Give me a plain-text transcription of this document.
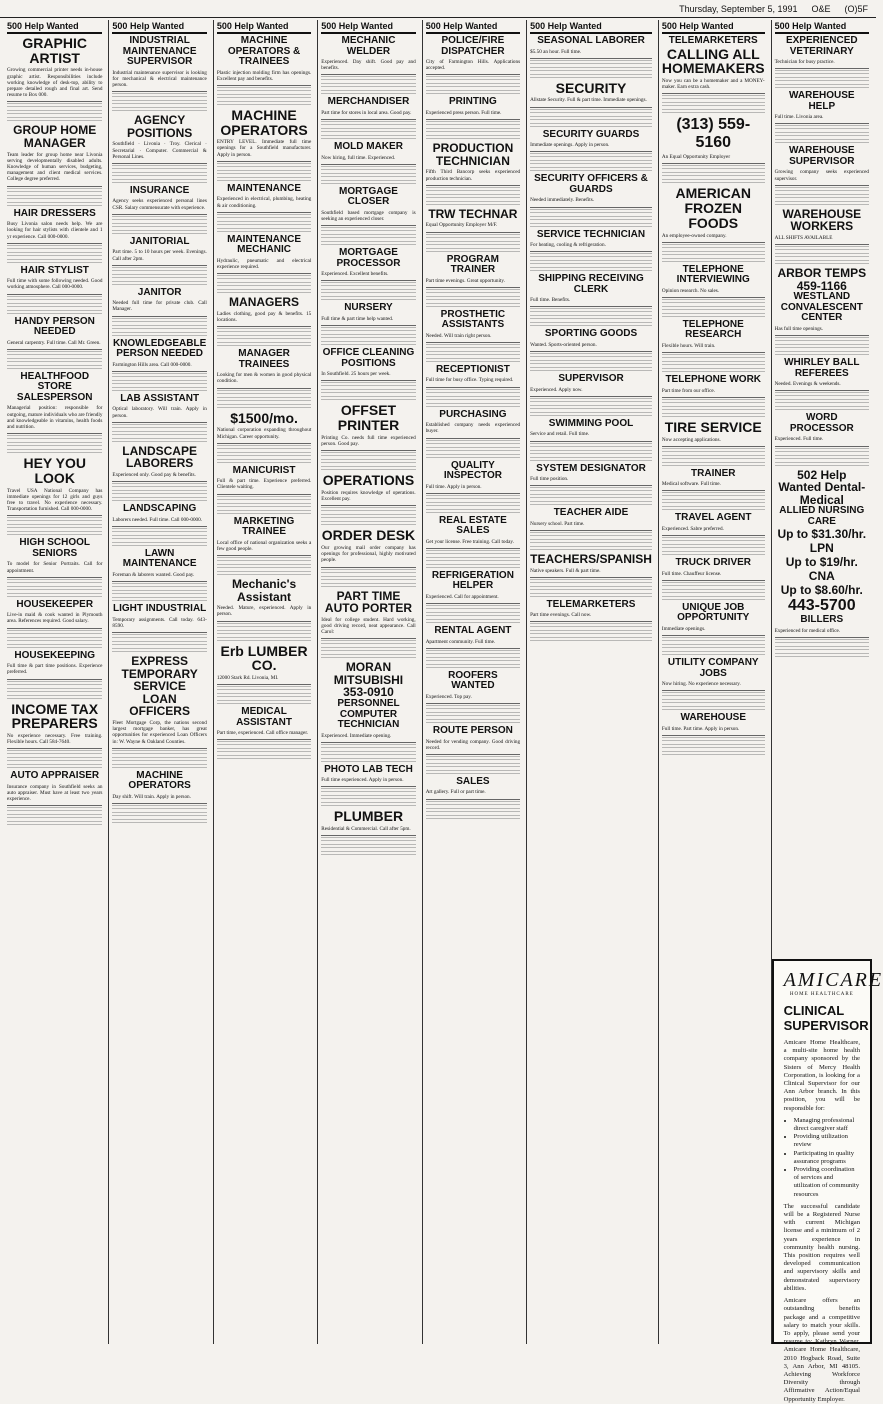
Thursday, September 5, 1991 O&E (O)5F
500 Help Wanted
GRAPHIC ARTIST

Growing commercial printer needs in-house graphic artist. Responsibilities include working knowledge of desk-top, ability to prepare detailed rough and final art. Send resume to Box 000.

GROUP HOME MANAGER

Team leader for group home near Livonia serving developmentally disabled adults. Knowledge of human services, budgeting, management and client medical services. College degree preferred.

HAIR DRESSERS

Busy Livonia salon needs help. We are looking for hair stylists with clientele and 1 yr experience. Call 000-0000.

HAIR STYLIST

Full time with some following needed. Good working atmosphere. Call 000-0000.

HANDY PERSON NEEDED

General carpentry. Full time. Call Mr. Green.

HEALTHFOOD STORE SALESPERSON

Managerial position: responsible for outgoing, mature individuals who are friendly and knowledgeable in vitamins, health foods and nutrition.

HEY YOU LOOK

Travel USA National Company has immediate openings for 12 girls and guys free to travel. No experience necessary. Transportation furnished. Call 000-0000.

HIGH SCHOOL SENIORS

To model for Senior Portraits. Call for appointment.

HOUSEKEEPER

Live-in maid & cook wanted in Plymouth area. References required. Good salary.

HOUSEKEEPING

Full time & part time positions. Experience preferred.

INCOME TAX PREPARERS

No experience necessary. Free training. Flexible hours. Call 584-7640.

AUTO APPRAISER

Insurance company in Southfield seeks an auto appraiser. Must have at least two years experience.

500 Help Wanted
INDUSTRIAL MAINTENANCE SUPERVISOR

Industrial maintenance supervisor is looking for mechanical & electrical maintenance person.

AGENCY POSITIONS

Southfield · Livonia · Troy. Clerical · Secretarial · Computer. Commercial & Personal Lines.

INSURANCE

Agency seeks experienced personal lines CSR. Salary commensurate with experience.

JANITORIAL

Part time. 5 to 10 hours per week. Evenings. Call after 2pm.

JANITOR

Needed full time for private club. Call Manager.

KNOWLEDGEABLE PERSON NEEDED

Farmington Hills area. Call 000-0000.

LAB ASSISTANT

Optical laboratory. Will train. Apply in person.

LANDSCAPE LABORERS

Experienced only. Good pay & benefits.

LANDSCAPING

Laborers needed. Full time. Call 000-0000.

LAWN MAINTENANCE

Foreman & laborers wanted. Good pay.

LIGHT INDUSTRIAL

Temporary assignments. Call today. 643-8590.

EXPRESS TEMPORARY SERVICE
LOAN OFFICERS

Fleet Mortgage Corp, the nations second largest mortgage banker, has great opportunities for experienced Loan Officers in: W. Wayne & Oakland Counties.

MACHINE OPERATORS

Day shift. Will train. Apply in person.

500 Help Wanted
MACHINE OPERATORS & TRAINEES

Plastic injection molding firm has openings. Excellent pay and benefits.

MACHINE OPERATORS

ENTRY LEVEL. Immediate full time openings for a Southfield manufacturer. Apply in person.

MAINTENANCE

Experienced in electrical, plumbing, heating & air conditioning.

MAINTENANCE MECHANIC

Hydraulic, pneumatic and electrical experience required.

MANAGERS

Ladies clothing, good pay & benefits. 15 locations.

MANAGER TRAINEES

Looking for men & women in good physical condition.

$1500/mo.

National corporation expanding throughout Michigan. Career opportunity.

MANICURIST

Full & part time. Experience preferred. Clientele waiting.

MARKETING TRAINEE

Local office of national organization seeks a few good people.

Mechanic's Assistant

Needed. Mature, experienced. Apply in person.

Erb LUMBER CO.

12000 Stark Rd. Livonia, MI.

MEDICAL ASSISTANT

Part time, experienced. Call office manager.

500 Help Wanted
MECHANIC WELDER

Experienced. Day shift. Good pay and benefits.

MERCHANDISER

Part time for stores in local area. Good pay.

MOLD MAKER

Now hiring, full time. Experienced.

MORTGAGE CLOSER

Southfield based mortgage company is seeking an experienced closer.

MORTGAGE PROCESSOR

Experienced. Excellent benefits.

NURSERY

Full time & part time help wanted.

OFFICE CLEANING POSITIONS

In Southfield. 25 hours per week.

OFFSET PRINTER

Printing Co. needs full time experienced person. Good pay.

OPERATIONS

Position requires knowledge of operations. Excellent pay.

ORDER DESK

Our growing mail order company has openings for professional, highly motivated people.

PART TIME AUTO PORTER

Ideal for college student. Hard working, good driving record, neat appearance. Call Carol:

MORAN MITSUBISHI 353-0910
PERSONNEL COMPUTER TECHNICIAN

Experienced. Immediate opening.

PHOTO LAB TECH

Full time experienced. Apply in person.

PLUMBER

Residential & Commercial. Call after 5pm.

500 Help Wanted
POLICE/FIRE DISPATCHER

City of Farmington Hills. Applications accepted.

PRINTING

Experienced press person. Full time.

PRODUCTION TECHNICIAN

Fifth Third Bancorp seeks experienced production technician.

TRW TECHNAR

Equal Opportunity Employer M/F.

PROGRAM TRAINER

Part time evenings. Great opportunity.

PROSTHETIC ASSISTANTS

Needed. Will train right person.

RECEPTIONIST

Full time for busy office. Typing required.

PURCHASING

Established company needs experienced buyer.

QUALITY INSPECTOR

Full time. Apply in person.

REAL ESTATE SALES

Get your license. Free training. Call today.

REFRIGERATION HELPER

Experienced. Call for appointment.

RENTAL AGENT

Apartment community. Full time.

ROOFERS WANTED

Experienced. Top pay.

ROUTE PERSON

Needed for vending company. Good driving record.

SALES

Art gallery. Full or part time.

500 Help Wanted
SEASONAL LABORER

$5.50 an hour. Full time.

SECURITY

Allstate Security. Full & part time. Immediate openings.

SECURITY GUARDS

Immediate openings. Apply in person.

SECURITY OFFICERS & GUARDS

Needed immediately. Benefits.

SERVICE TECHNICIAN

For heating, cooling & refrigeration.

SHIPPING RECEIVING CLERK

Full time. Benefits.

SPORTING GOODS

Wanted. Sports-oriented person.

SUPERVISOR

Experienced. Apply now.

SWIMMING POOL

Service and retail. Full time.

SYSTEM DESIGNATOR

Full time position.

TEACHER AIDE

Nursery school. Part time.

TEACHERS/SPANISH

Native speakers. Full & part time.

TELEMARKETERS

Part time evenings. Call now.

500 Help Wanted
TELEMARKETERS
CALLING ALL HOMEMAKERS

Now you can be a homemaker and a MONEY-maker. Earn extra cash.

(313) 559-5160

An Equal Opportunity Employer

AMERICAN FROZEN FOODS

An employee-owned company.

TELEPHONE INTERVIEWING

Opinion research. No sales.

TELEPHONE RESEARCH

Flexible hours. Will train.

TELEPHONE WORK

Part time from our office.

TIRE SERVICE

Now accepting applications.

TRAINER

Medical software. Full time.

TRAVEL AGENT

Experienced. Sabre preferred.

TRUCK DRIVER

Full time. Chauffeur license.

UNIQUE JOB OPPORTUNITY

Immediate openings.

UTILITY COMPANY JOBS

Now hiring. No experience necessary.

WAREHOUSE

Full time. Part time. Apply in person.

500 Help Wanted
EXPERIENCED VETERINARY

Technician for busy practice.

WAREHOUSE HELP

Full time. Livonia area.

WAREHOUSE SUPERVISOR

Growing company seeks experienced supervisor.

WAREHOUSE WORKERS

ALL SHIFTS AVAILABLE

ARBOR TEMPS 459-1166
WESTLAND CONVALESCENT CENTER

Has full time openings.

WHIRLEY BALL REFEREES

Needed. Evenings & weekends.

WORD PROCESSOR

Experienced. Full time.

502 Help Wanted Dental-Medical
ALLIED NURSING CARE
Up to $31.30/hr. LPN
Up to $19/hr. CNA
Up to $8.60/hr.
443-5700
BILLERS

Experienced for medical office.

AMICARE
HOME HEALTHCARE
CLINICAL SUPERVISOR

Amicare Home Healthcare, a multi-site home health company sponsored by the Sisters of Mercy Health Corporation, is looking for a Clinical Supervisor for our Ann Arbor branch. In this position, you will be responsible for:

• Managing professional direct caregiver staff
• Providing utilization review
• Participating in quality assurance programs
• Providing coordination of services and utilization of community resources

The successful candidate will be a Registered Nurse with current Michigan license and a minimum of 2 years experience in community health nursing. This position requires well developed communication and supervisory skills and demonstrated supervisory abilities.

Amicare offers an outstanding benefits package and a competitive salary to match your skills. To apply, please send your resume to: Kathryn Warner, Amicare Home Healthcare, 2010 Hogback Road, Suite 3, Ann Arbor, MI 48105. Achieving Workforce Diversity through Affirmative Action/Equal Opportunity Employer.
